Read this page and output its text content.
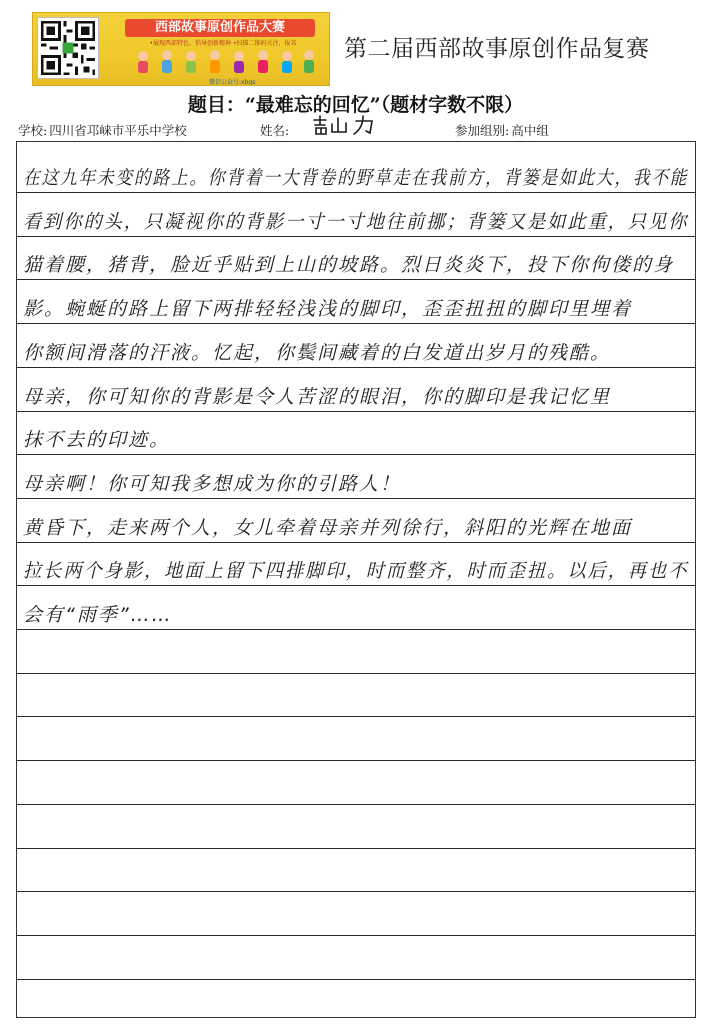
西部故事原创作品大赛
•展现西部特色，倡导创新精神 •扫描二维码关注，报名
微信公众号:xbgs
第二届西部故事原创作品复赛
题目：“最难忘的回忆”（题材字数不限）
学校: 四川省邛崃市平乐中学校	姓名:	参加组别: 高中组
在这九年未变的路上。你背着一大背卷的野草走在我前方，背篓是如此大，我不能
看到你的头，只凝视你的背影一寸一寸地往前挪；背篓又是如此重，只见你
猫着腰，猪背，脸近乎贴到上山的坡路。烈日炎炎下，投下你佝偻的身
影。蜿蜒的路上留下两排轻轻浅浅的脚印，歪歪扭扭的脚印里埋着
你额间滑落的汗液。忆起，你鬓间藏着的白发道出岁月的残酷。
母亲，你可知你的背影是令人苦涩的眼泪，你的脚印是我记忆里
抹不去的印迹。
母亲啊！你可知我多想成为你的引路人！
黄昏下，走来两个人，女儿牵着母亲并列徐行，斜阳的光辉在地面
拉长两个身影，地面上留下四排脚印，时而整齐，时而歪扭。以后，再也不
会有“雨季”……
